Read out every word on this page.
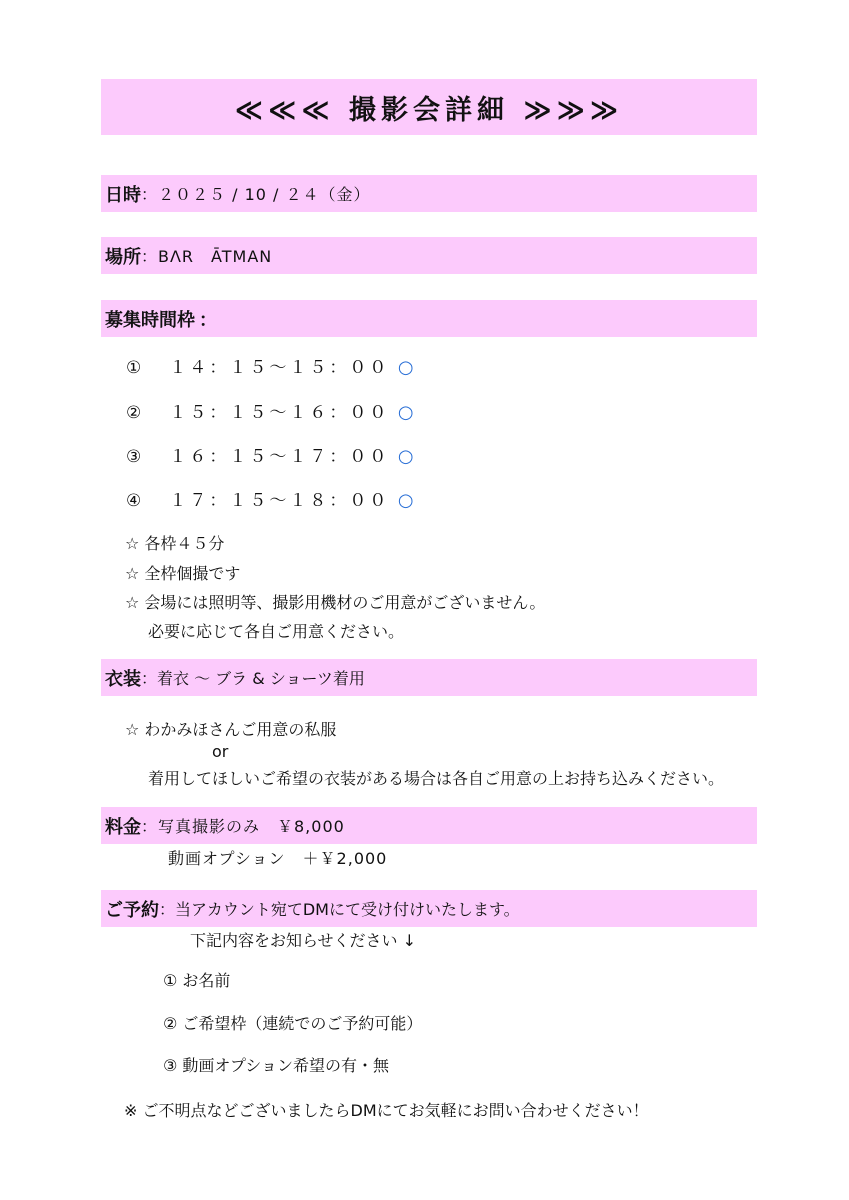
≪≪≪ 撮影会詳細 ≫≫≫
日時 ：２０２５ / 10 / ２４（金）
場所 ：BΛR　ĀTMAN
募集時間枠 ：
① １４：１５～１５：００ ○
② １５：１５～１６：００ ○
③ １６：１５～１７：００ ○
④ １７：１５～１８：００ ○
☆ 各枠４５分
☆ 全枠個撮です
☆ 会場には照明等、撮影用機材のご用意がございません。
必要に応じて各自ご用意ください。
衣装 ：着衣 ～ ブラ & ショーツ着用
☆ わかみほさんご用意の私服
or
着用してほしいご希望の衣装がある場合は各自ご用意の上お持ち込みください。
料金 ：写真撮影のみ　￥8,000
動画オプション　＋￥2,000
ご予約 ：当アカウント宛てDMにて受け付けいたします。
下記内容をお知らせください ↓
① お名前
② ご希望枠（連続でのご予約可能）
③ 動画オプション希望の有・無
※ ご不明点などございましたらDMにてお気軽にお問い合わせください！
